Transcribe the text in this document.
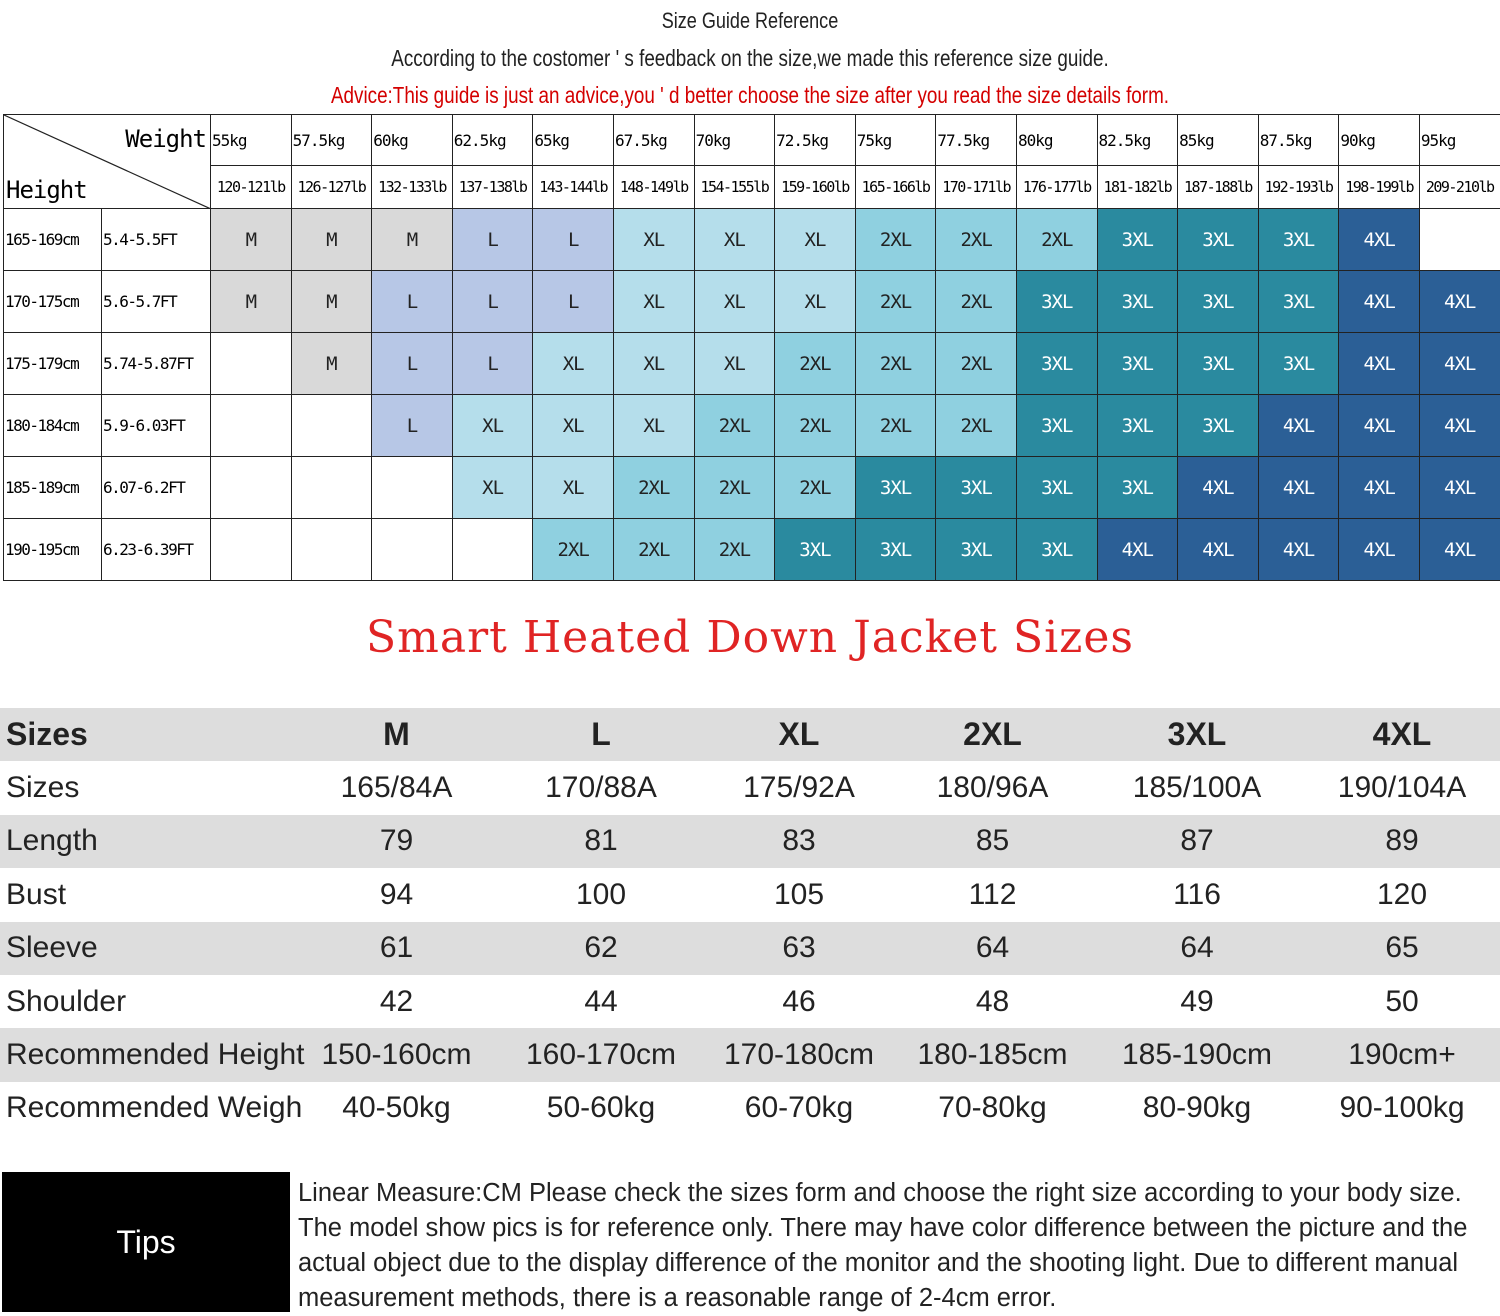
Size Guide Reference
According to the costomer ' s feedback on the size,we made this reference size guide.
Advice:This guide is just an advice,you ' d better choose the size after you read the size details form.
Weight
Height		55kg	57.5kg	60kg	62.5kg	65kg	67.5kg	70kg	72.5kg	75kg	77.5kg	80kg	82.5kg	85kg	87.5kg	90kg	95kg
		120-121lb	126-127lb	132-133lb	137-138lb	143-144lb	148-149lb	154-155lb	159-160lb	165-166lb	170-171lb	176-177lb	181-182lb	187-188lb	192-193lb	198-199lb	209-210lb
165-169cm	5.4-5.5FT	M	M	M	L	L	XL	XL	XL	2XL	2XL	2XL	3XL	3XL	3XL	4XL	
170-175cm	5.6-5.7FT	M	M	L	L	L	XL	XL	XL	2XL	2XL	3XL	3XL	3XL	3XL	4XL	4XL
175-179cm	5.74-5.87FT		M	L	L	XL	XL	XL	2XL	2XL	2XL	3XL	3XL	3XL	3XL	4XL	4XL
180-184cm	5.9-6.03FT			L	XL	XL	XL	2XL	2XL	2XL	2XL	3XL	3XL	3XL	4XL	4XL	4XL
185-189cm	6.07-6.2FT				XL	XL	2XL	2XL	2XL	3XL	3XL	3XL	3XL	4XL	4XL	4XL	4XL
190-195cm	6.23-6.39FT					2XL	2XL	2XL	3XL	3XL	3XL	3XL	4XL	4XL	4XL	4XL	4XL
Smart Heated Down Jacket Sizes
Sizes	M	L	XL	2XL	3XL	4XL
Sizes	165/84A	170/88A	175/92A	180/96A	185/100A	190/104A
Length	79	81	83	85	87	89
Bust	94	100	105	112	116	120
Sleeve	61	62	63	64	64	65
Shoulder	42	44	46	48	49	50
Recommended Height	150-160cm	160-170cm	170-180cm	180-185cm	185-190cm	190cm+
Recommended Weigh	40-50kg	50-60kg	60-70kg	70-80kg	80-90kg	90-100kg
Tips
Linear Measure:CM Please check the sizes form and choose the right size according to your body size.
The model show pics is for reference only. There may have color difference between the picture and the
actual object due to the display difference of the monitor and the shooting light. Due to different manual
measurement methods, there is a reasonable range of 2-4cm error.
